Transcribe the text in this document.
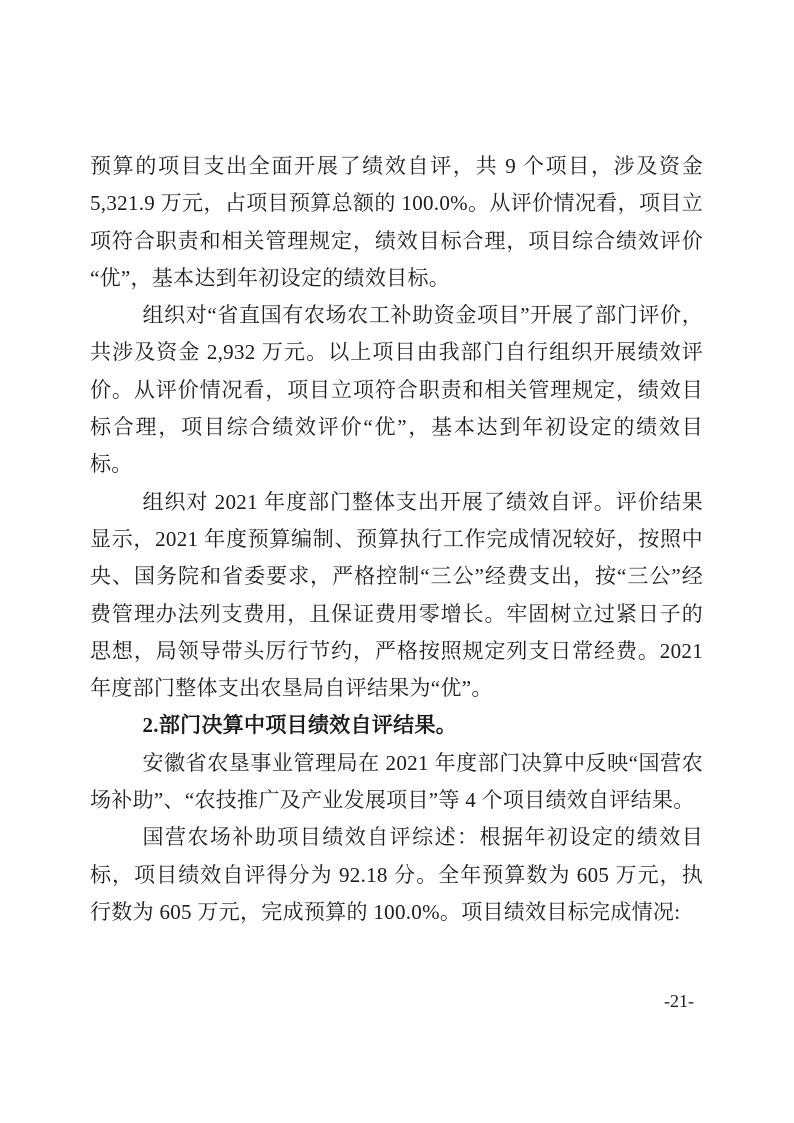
预算的项目支出全面开展了绩效自评，共 9 个项目，涉及资金 5,321.9 万元，占项目预算总额的 100.0%。从评价情况看，项目立项符合职责和相关管理规定，绩效目标合理，项目综合绩效评价“优”，基本达到年初设定的绩效目标。

组织对“省直国有农场农工补助资金项目”开展了部门评价，共涉及资金 2,932 万元。以上项目由我部门自行组织开展绩效评价。从评价情况看，项目立项符合职责和相关管理规定，绩效目标合理，项目综合绩效评价“优”，基本达到年初设定的绩效目标。

组织对 2021 年度部门整体支出开展了绩效自评。评价结果显示，2021 年度预算编制、预算执行工作完成情况较好，按照中央、国务院和省委要求，严格控制“三公”经费支出，按“三公”经费管理办法列支费用，且保证费用零增长。牢固树立过紧日子的思想，局领导带头厉行节约，严格按照规定列支日常经费。2021 年度部门整体支出农垦局自评结果为“优”。

2.部门决算中项目绩效自评结果。

安徽省农垦事业管理局在 2021 年度部门决算中反映“国营农场补助”、“农技推广及产业发展项目”等 4 个项目绩效自评结果。

国营农场补助项目绩效自评综述：根据年初设定的绩效目标，项目绩效自评得分为 92.18 分。全年预算数为 605 万元，执行数为 605 万元，完成预算的 100.0%。项目绩效目标完成情况:

-21-
